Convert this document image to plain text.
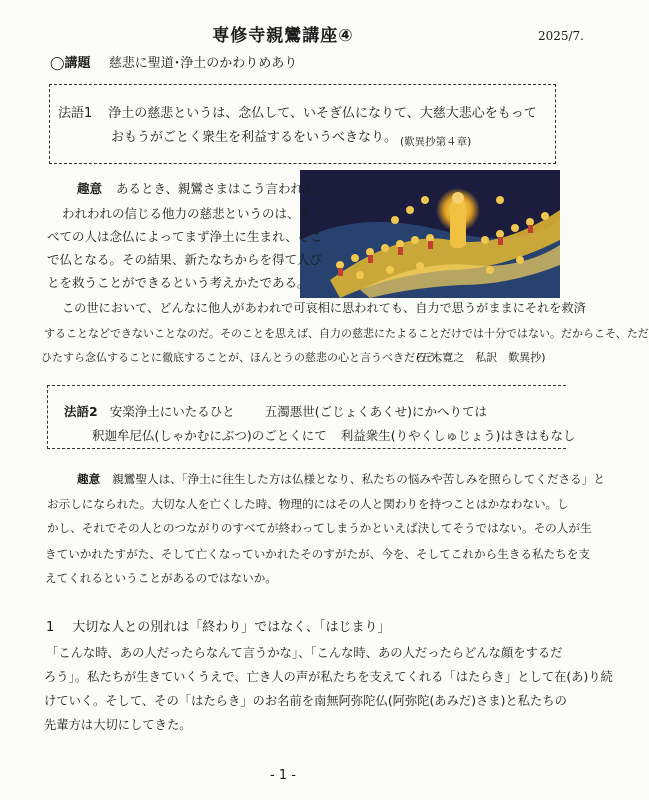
専修寺親鸞講座④	2025/7.
◯講題 慈悲に聖道･浄土のかわりめあり
法語1 浄土の慈悲というは、念仏して、いそぎ仏になりて、大慈大悲心をもって
おもうがごとく衆生を利益するをいうべきなり。 (歎異抄第４章)
趣意 あるとき、親鸞さまはこう言われた。
われわれの信じる他力の慈悲というのは、す
べての人は念仏によってまず浄土に生まれ、そこ
で仏となる。その結果、新たなちからを得て人び
とを救うことができるという考えかたである。
この世において、どんなに他人があわれで可哀相に思われても、自力で思うがままにそれを救済
することなどできないことなのだ。そのことを思えば、自力の慈悲にたよることだけでは十分ではない。だからこそ、ただ
ひたすら念仏することに徹底することが、ほんとうの慈悲の心と言うべきだろう。
(五木寛之　私訳　歎異抄)
法語2 安楽浄土にいたるひと 五濁悪世(ごじょくあくせ)にかへりては
釈迦牟尼仏(しゃかむにぶつ)のごとくにて 利益衆生(りやくしゅじょう)はきはもなし
趣意 親鸞聖人は、「浄土に往生した方は仏様となり、私たちの悩みや苦しみを照らしてくださる」と
お示しになられた。大切な人を亡くした時、物理的にはその人と関わりを持つことはかなわない。し
かし、それでその人とのつながりのすべてが終わってしまうかといえば決してそうではない。その人が生
きていかれたすがた、そして亡くなっていかれたそのすがたが、今を、そしてこれから生きる私たちを支
えてくれるということがあるのではないか。
1 大切な人との別れは「終わり」ではなく、「はじまり」
「こんな時、あの人だったらなんて言うかな」、「こんな時、あの人だったらどんな顔をするだ
ろう」。私たちが生きていくうえで、亡き人の声が私たちを支えてくれる「はたらき」として在(あ)り続
けていく。そして、その「はたらき」のお名前を南無阿弥陀仏(阿弥陀(あみだ)さま)と私たちの
先輩方は大切にしてきた。
- 1 -
